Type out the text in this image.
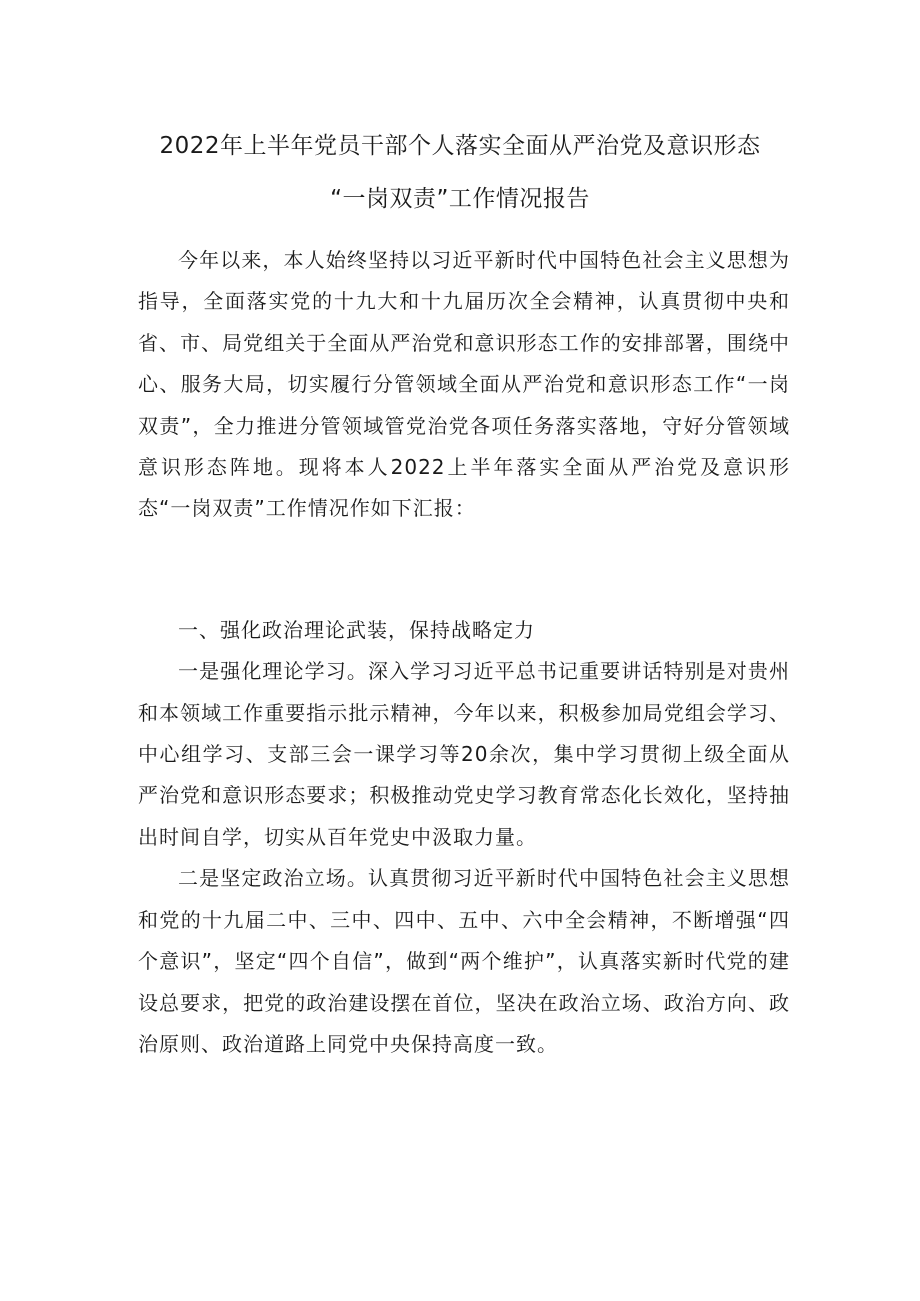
2022年上半年党员干部个人落实全面从严治党及意识形态
“一岗双责”工作情况报告

今年以来，本人始终坚持以习近平新时代中国特色社会主义思想为指导，全面落实党的十九大和十九届历次全会精神，认真贯彻中央和省、市、局党组关于全面从严治党和意识形态工作的安排部署，围绕中心、服务大局，切实履行分管领域全面从严治党和意识形态工作“一岗双责”，全力推进分管领域管党治党各项任务落实落地，守好分管领域意识形态阵地。现将本人2022上半年落实全面从严治党及意识形态“一岗双责”工作情况作如下汇报：

一、强化政治理论武装，保持战略定力

一是强化理论学习。深入学习习近平总书记重要讲话特别是对贵州和本领域工作重要指示批示精神，今年以来，积极参加局党组会学习、中心组学习、支部三会一课学习等20余次，集中学习贯彻上级全面从严治党和意识形态要求；积极推动党史学习教育常态化长效化，坚持抽出时间自学，切实从百年党史中汲取力量。

二是坚定政治立场。认真贯彻习近平新时代中国特色社会主义思想和党的十九届二中、三中、四中、五中、六中全会精神，不断增强“四个意识”，坚定“四个自信”，做到“两个维护”，认真落实新时代党的建设总要求，把党的政治建设摆在首位，坚决在政治立场、政治方向、政治原则、政治道路上同党中央保持高度一致。
